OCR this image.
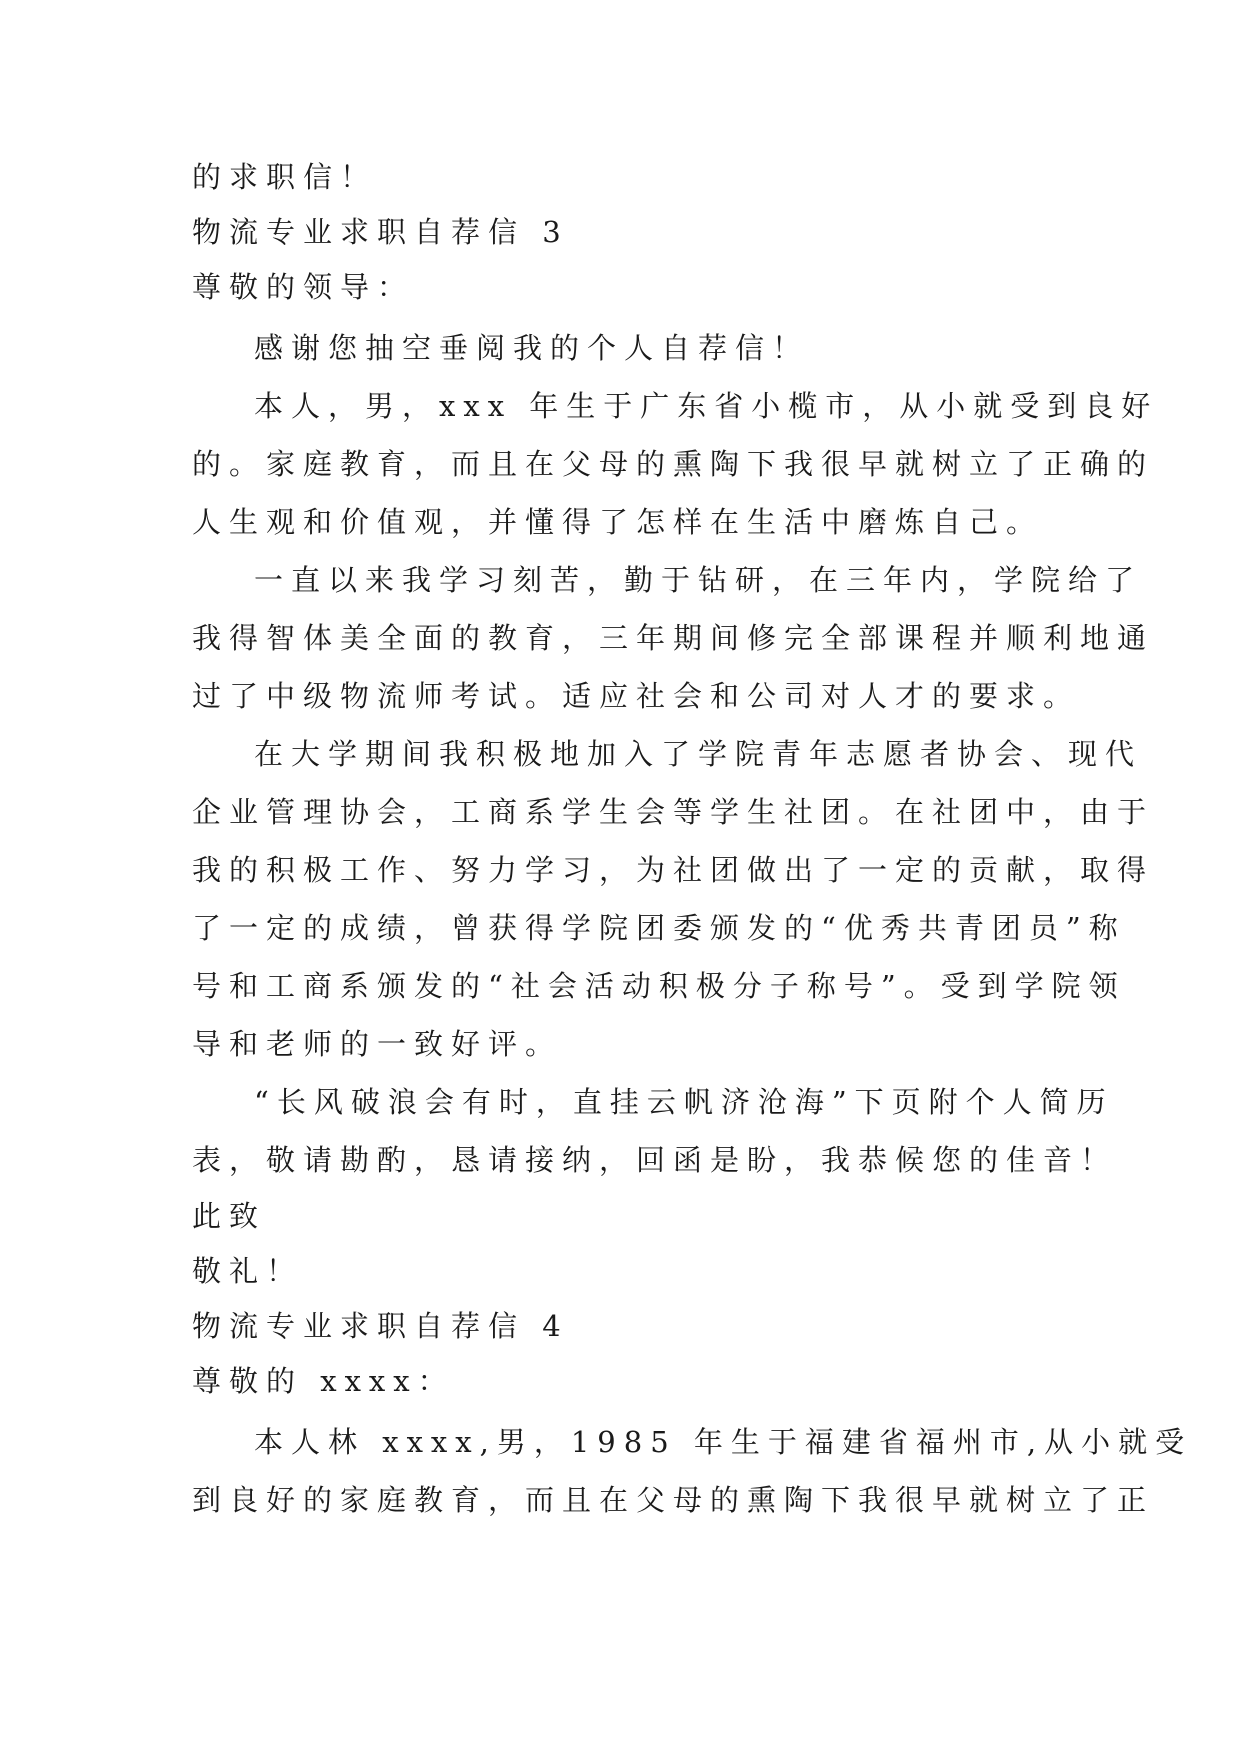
的求职信！

物流专业求职自荐信 3

尊敬的领导：

感谢您抽空垂阅我的个人自荐信！

本人，男，xxx 年生于广东省小榄市，从小就受到良好

的。家庭教育，而且在父母的熏陶下我很早就树立了正确的

人生观和价值观，并懂得了怎样在生活中磨炼自己。

一直以来我学习刻苦，勤于钻研，在三年内，学院给了

我得智体美全面的教育，三年期间修完全部课程并顺利地通

过了中级物流师考试。适应社会和公司对人才的要求。

在大学期间我积极地加入了学院青年志愿者协会、现代

企业管理协会，工商系学生会等学生社团。在社团中，由于

我的积极工作、努力学习，为社团做出了一定的贡献，取得

了一定的成绩，曾获得学院团委颁发的“优秀共青团员”称

号和工商系颁发的“社会活动积极分子称号”。受到学院领

导和老师的一致好评。

“长风破浪会有时，直挂云帆济沧海”下页附个人简历

表，敬请勘酌，恳请接纳，回函是盼，我恭候您的佳音！

此致

敬礼！

物流专业求职自荐信 4

尊敬的 xxxx：

本人林 xxxx,男，1985 年生于福建省福州市,从小就受

到良好的家庭教育，而且在父母的熏陶下我很早就树立了正
